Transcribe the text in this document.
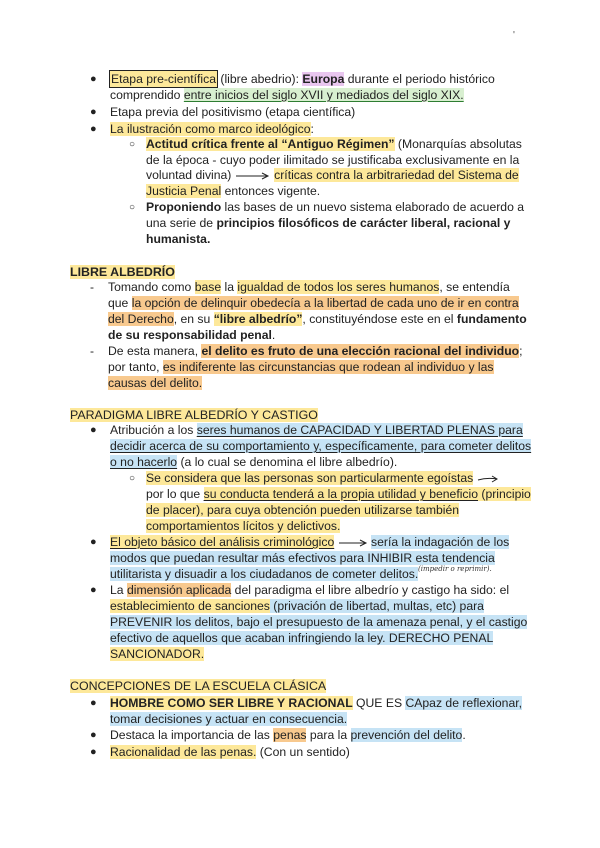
'
● Etapa pre-científica (libre abedrio): Europa durante el periodo histórico
comprendido entre inicios del siglo XVII y mediados del siglo XIX.
● Etapa previa del positivismo (etapa científica)
● La ilustración como marco ideológico:
○ Actitud crítica frente al “Antiguo Régimen” (Monarquías absolutas
de la época - cuyo poder ilimitado se justificaba exclusivamente en la
voluntad divina)	críticas contra la arbitrariedad del Sistema de
Justicia Penal entonces vigente.
○ Proponiendo las bases de un nuevo sistema elaborado de acuerdo a
una serie de principios filosóficos de carácter liberal, racional y
humanista.
LIBRE ALBEDRÍO
- Tomando como base la igualdad de todos los seres humanos, se entendía
que la opción de delinquir obedecía a la libertad de cada uno de ir en contra
del Derecho, en su “libre albedrío”, constituyéndose este en el fundamento
de su responsabilidad penal.
- De esta manera, el delito es fruto de una elección racional del individuo;
por tanto, es indiferente las circunstancias que rodean al individuo y las
causas del delito.
PARADIGMA LIBRE ALBEDRÍO Y CASTIGO
● Atribución a los seres humanos de CAPACIDAD Y LIBERTAD PLENAS para
decidir acerca de su comportamiento y, específicamente, para cometer delitos
o no hacerlo (a lo cual se denomina el libre albedrío).
○ Se considera que las personas son particularmente egoístas
por lo que su conducta tenderá a la propia utilidad y beneficio (principio
de placer), para cuya obtención pueden utilizarse también
comportamientos lícitos y delictivos.
● El objeto básico del análisis criminológico	sería la indagación de los
modos que puedan resultar más efectivos para INHIBIR esta tendencia
utilitarista y disuadir a los ciudadanos de cometer delitos. (impedir o reprimir).
● La dimensión aplicada del paradigma el libre albedrío y castigo ha sido: el
establecimiento de sanciones (privación de libertad, multas, etc) para
PREVENIR los delitos, bajo el presupuesto de la amenaza penal, y el castigo
efectivo de aquellos que acaban infringiendo la ley. DERECHO PENAL
SANCIONADOR.
CONCEPCIONES DE LA ESCUELA CLÁSICA
● HOMBRE COMO SER LIBRE Y RACIONAL QUE ES CApaz de reflexionar,
tomar decisiones y actuar en consecuencia.
● Destaca la importancia de las penas para la prevención del delito.
● Racionalidad de las penas. (Con un sentido)
